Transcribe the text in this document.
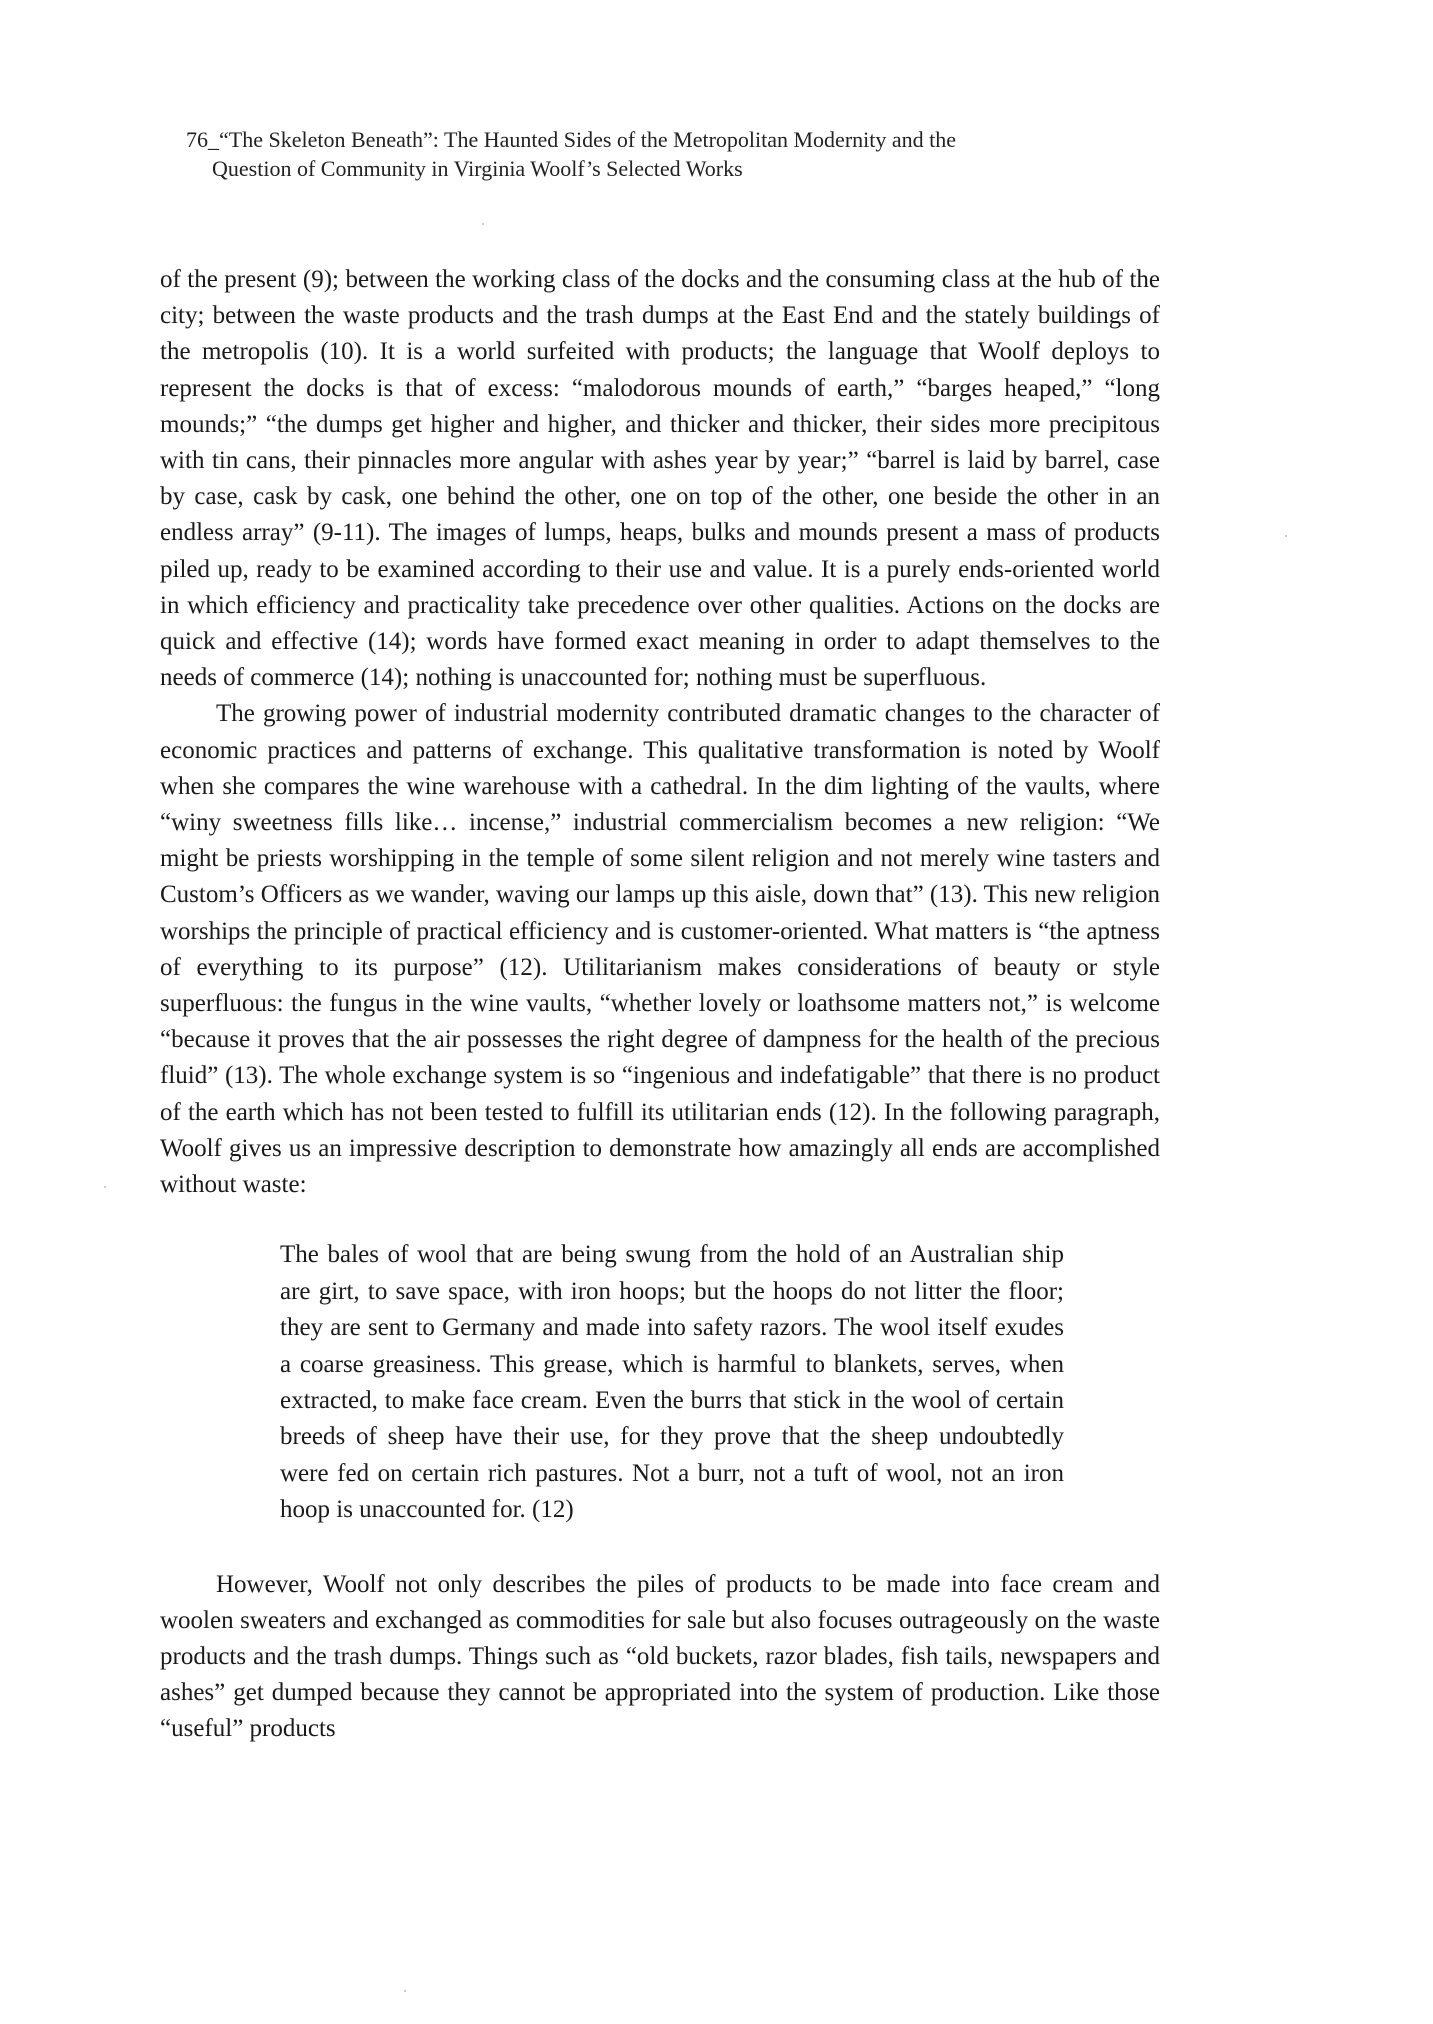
76_“The Skeleton Beneath”: The Haunted Sides of the Metropolitan Modernity and the
Question of Community in Virginia Woolf’s Selected Works

of the present (9); between the working class of the docks and the consuming class at the hub of the city; between the waste products and the trash dumps at the East End and the stately buildings of the metropolis (10). It is a world surfeited with products; the language that Woolf deploys to represent the docks is that of excess: “malodorous mounds of earth,” “barges heaped,” “long mounds;” “the dumps get higher and higher, and thicker and thicker, their sides more precipitous with tin cans, their pinnacles more angular with ashes year by year;” “barrel is laid by barrel, case by case, cask by cask, one behind the other, one on top of the other, one beside the other in an endless array” (9-11). The images of lumps, heaps, bulks and mounds present a mass of products piled up, ready to be examined according to their use and value. It is a purely ends-oriented world in which efficiency and practicality take precedence over other qualities. Actions on the docks are quick and effective (14); words have formed exact meaning in order to adapt themselves to the needs of commerce (14); nothing is unaccounted for; nothing must be superfluous.

The growing power of industrial modernity contributed dramatic changes to the character of economic practices and patterns of exchange. This qualitative transformation is noted by Woolf when she compares the wine warehouse with a cathedral. In the dim lighting of the vaults, where “winy sweetness fills like… incense,” industrial commercialism becomes a new religion: “We might be priests worshipping in the temple of some silent religion and not merely wine tasters and Custom’s Officers as we wander, waving our lamps up this aisle, down that” (13). This new religion worships the principle of practical efficiency and is customer-oriented. What matters is “the aptness of everything to its purpose” (12). Utilitarianism makes considerations of beauty or style superfluous: the fungus in the wine vaults, “whether lovely or loathsome matters not,” is welcome “because it proves that the air possesses the right degree of dampness for the health of the precious fluid” (13). The whole exchange system is so “ingenious and indefatigable” that there is no product of the earth which has not been tested to fulfill its utilitarian ends (12). In the following paragraph, Woolf gives us an impressive description to demonstrate how amazingly all ends are accomplished without waste:

The bales of wool that are being swung from the hold of an Australian ship are girt, to save space, with iron hoops; but the hoops do not litter the floor; they are sent to Germany and made into safety razors. The wool itself exudes a coarse greasiness. This grease, which is harmful to blankets, serves, when extracted, to make face cream. Even the burrs that stick in the wool of certain breeds of sheep have their use, for they prove that the sheep undoubtedly were fed on certain rich pastures. Not a burr, not a tuft of wool, not an iron hoop is unaccounted for. (12)

However, Woolf not only describes the piles of products to be made into face cream and woolen sweaters and exchanged as commodities for sale but also focuses outrageously on the waste products and the trash dumps. Things such as “old buckets, razor blades, fish tails, newspapers and ashes” get dumped because they cannot be appropriated into the system of production. Like those “useful” products
